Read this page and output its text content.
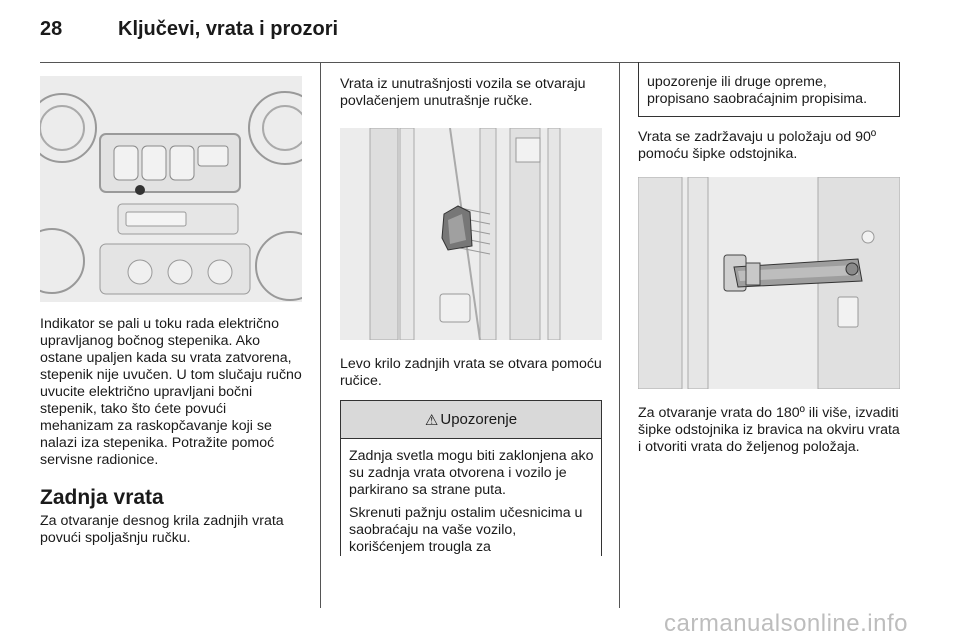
28	Ključevi, vrata i prozori

Indikator se pali u toku rada električno upravljanog bočnog stepenika. Ako ostane upaljen kada su vrata zatvorena, stepenik nije uvučen. U tom slučaju ručno uvucite električno upravljani bočni stepenik, tako što ćete povući mehanizam za raskopčavanje koji se nalazi iza stepenika. Potražite pomoć servisne radionice.

Zadnja vrata

Za otvaranje desnog krila zadnjih vrata povući spoljašnju ručku.

Vrata iz unutrašnjosti vozila se otvaraju povlačenjem unutrašnje ručke.

Levo krilo zadnjih vrata se otvara pomoću ručice.

⚠ Upozorenje

Zadnja svetla mogu biti zaklonjena ako su zadnja vrata otvorena i vozilo je parkirano sa strane puta.

Skrenuti pažnju ostalim učesnicima u saobraćaju na vaše vozilo, korišćenjem trougla za

upozorenje ili druge opreme, propisano saobraćajnim propisima.

Vrata se zadržavaju u položaju od 90º pomoću šipke odstojnika.

Za otvaranje vrata do 180º ili više, izvaditi šipke odstojnika iz bravica na okviru vrata i otvoriti vrata do željenog položaja.

carmanualsonline.info
